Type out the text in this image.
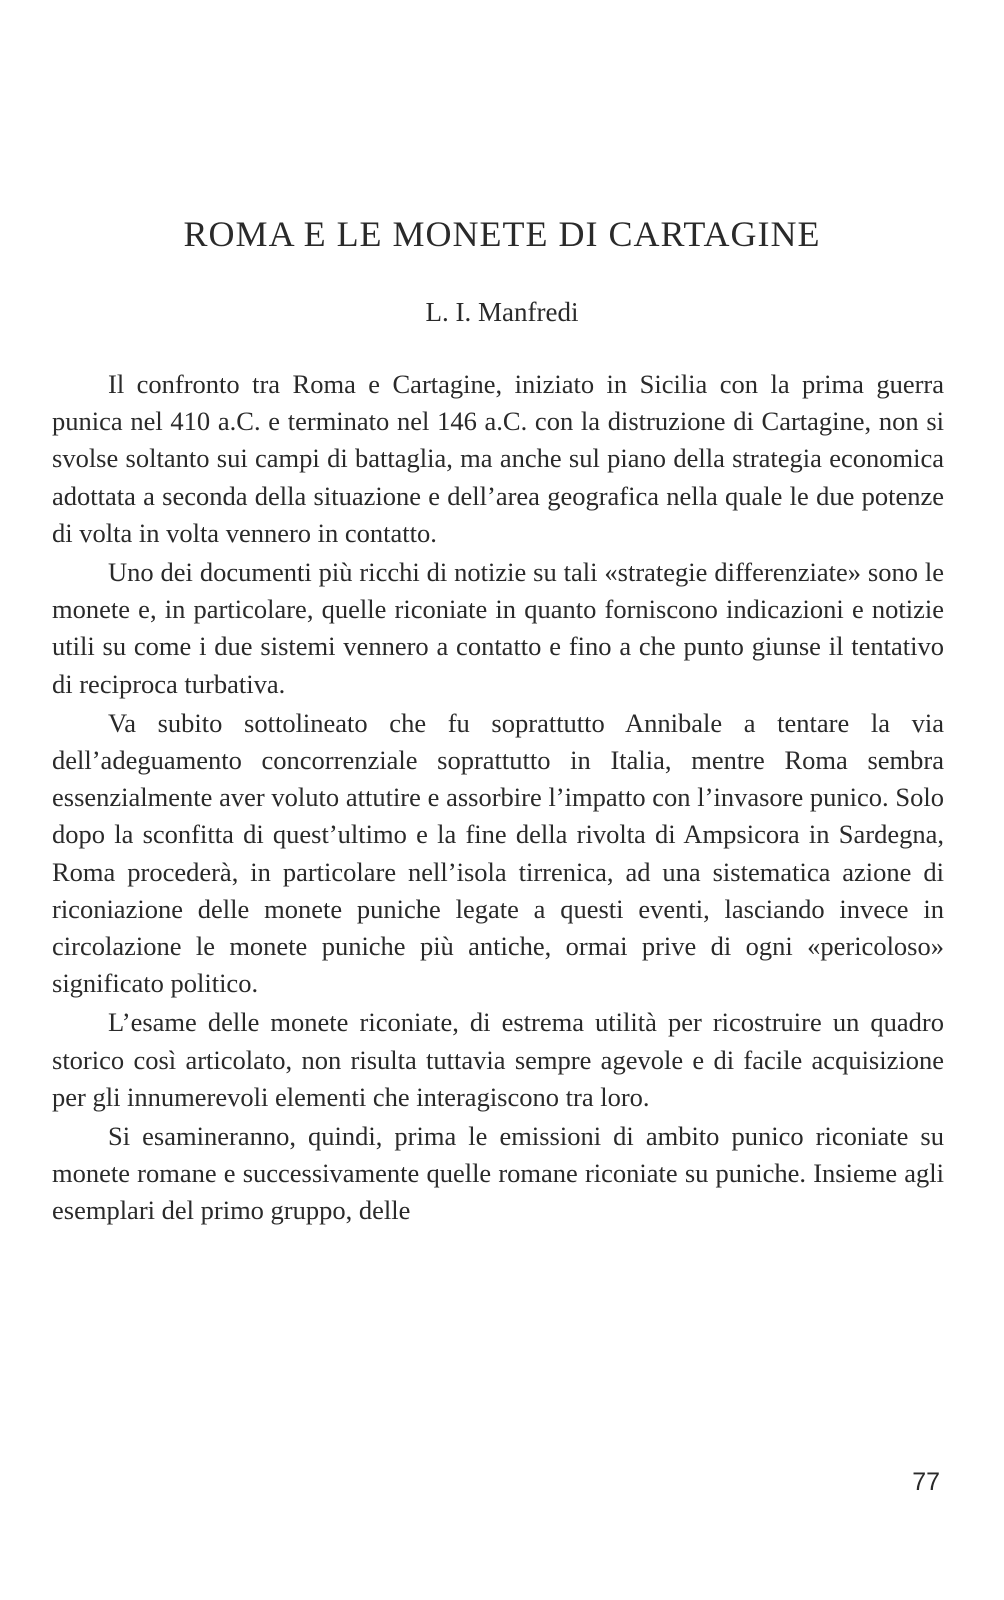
ROMA E LE MONETE DI CARTAGINE
L. I. Manfredi

Il confronto tra Roma e Cartagine, iniziato in Sicilia con la prima guerra punica nel 410 a.C. e terminato nel 146 a.C. con la distruzione di Cartagine, non si svolse soltanto sui campi di battaglia, ma anche sul piano della strategia economica adottata a seconda della situazione e dell’area geografica nella quale le due potenze di volta in volta vennero in contatto.

Uno dei documenti più ricchi di notizie su tali «strategie differenziate» sono le monete e, in particolare, quelle riconiate in quanto forniscono indicazioni e notizie utili su come i due sistemi vennero a contatto e fino a che punto giunse il tentativo di reciproca turbativa.

Va subito sottolineato che fu soprattutto Annibale a tentare la via dell’adeguamento concorrenziale soprattutto in Italia, mentre Roma sembra essenzialmente aver voluto attutire e assorbire l’impatto con l’invasore punico. Solo dopo la sconfitta di quest’ultimo e la fine della rivolta di Ampsicora in Sardegna, Roma procederà, in particolare nell’isola tirrenica, ad una sistematica azione di riconiazione delle monete puniche legate a questi eventi, lasciando invece in circolazione le monete puniche più antiche, ormai prive di ogni «pericoloso» significato politico.

L’esame delle monete riconiate, di estrema utilità per ricostruire un quadro storico così articolato, non risulta tuttavia sempre agevole e di facile acquisizione per gli innumerevoli elementi che interagiscono tra loro.

Si esamineranno, quindi, prima le emissioni di ambito punico riconiate su monete romane e successivamente quelle romane riconiate su puniche. Insieme agli esemplari del primo gruppo, delle

77
